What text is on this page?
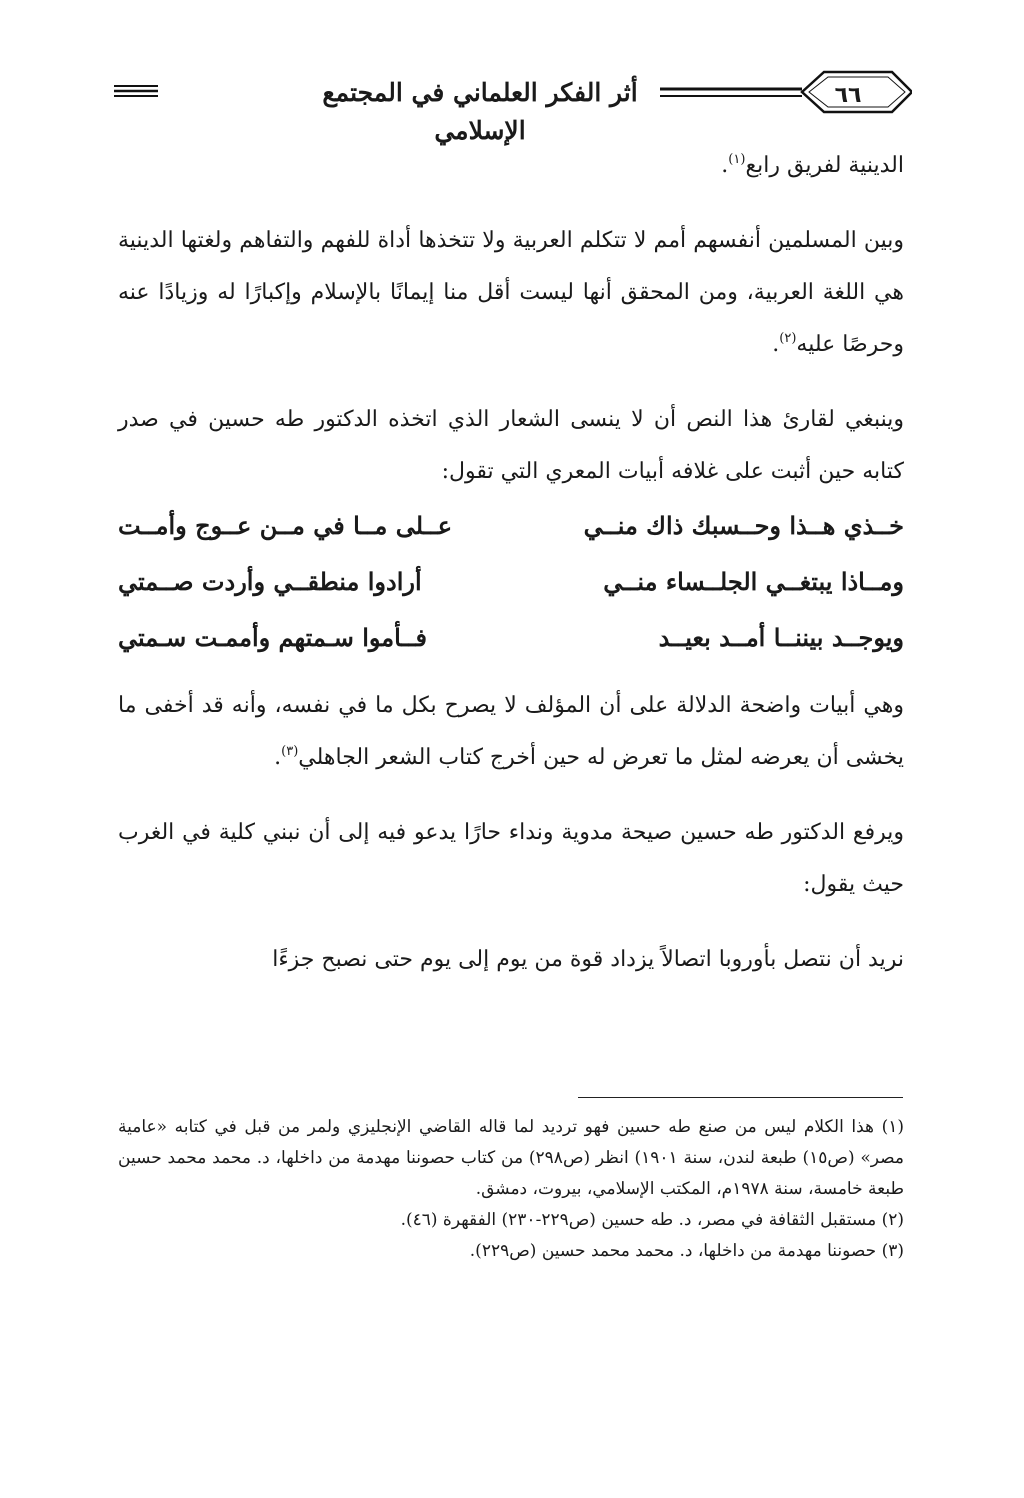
٦٦
أثر الفكر العلماني في المجتمع الإسلامي

الدينية لفريق رابع$^{(١)}$.

وبين المسلمين أنفسهم أمم لا تتكلم العربية ولا تتخذها أداة للفهم والتفاهم ولغتها الدينية هي اللغة العربية، ومن المحقق أنها ليست أقل منا إيمانًا بالإسلام وإكبارًا له وزيادًا عنه وحرصًا عليه$^{(٢)}$.

وينبغي لقارئ هذا النص أن لا ينسى الشعار الذي اتخذه الدكتور طه حسين في صدر كتابه حين أثبت على غلافه أبيات المعري التي تقول:

خــذي هــذا وحــسبك ذاك منــي
عــلى مــا في مــن عــوج وأمــت
ومــاذا يبتغــي الجلــساء منــي
أرادوا منطقــي وأردت صــمتي
ويوجــد بيننــا أمــد بعيــد
فــأموا سـمتهم وأممـت سـمتي

وهي أبيات واضحة الدلالة على أن المؤلف لا يصرح بكل ما في نفسه، وأنه قد أخفى ما يخشى أن يعرضه لمثل ما تعرض له حين أخرج كتاب الشعر الجاهلي$^{(٣)}$.

ويرفع الدكتور طه حسين صيحة مدوية ونداء حارًا يدعو فيه إلى أن نبني كلية في الغرب حيث يقول:

نريد أن نتصل بأوروبا اتصالاً يزداد قوة من يوم إلى يوم حتى نصبح جزءًا

(١) هذا الكلام ليس من صنع طه حسين فهو ترديد لما قاله القاضي الإنجليزي ولمر من قبل في كتابه «عامية مصر» (ص١٥) طبعة لندن، سنة ١٩٠١) انظر (ص٢٩٨) من كتاب حصوننا مهدمة من داخلها، د. محمد محمد حسين طبعة خامسة، سنة ١٩٧٨م، المكتب الإسلامي، بيروت، دمشق.

(٢) مستقبل الثقافة في مصر، د. طه حسين (ص٢٢٩-٢٣٠) الفقهرة (٤٦).

(٣) حصوننا مهدمة من داخلها، د. محمد محمد حسين (ص٢٢٩).
